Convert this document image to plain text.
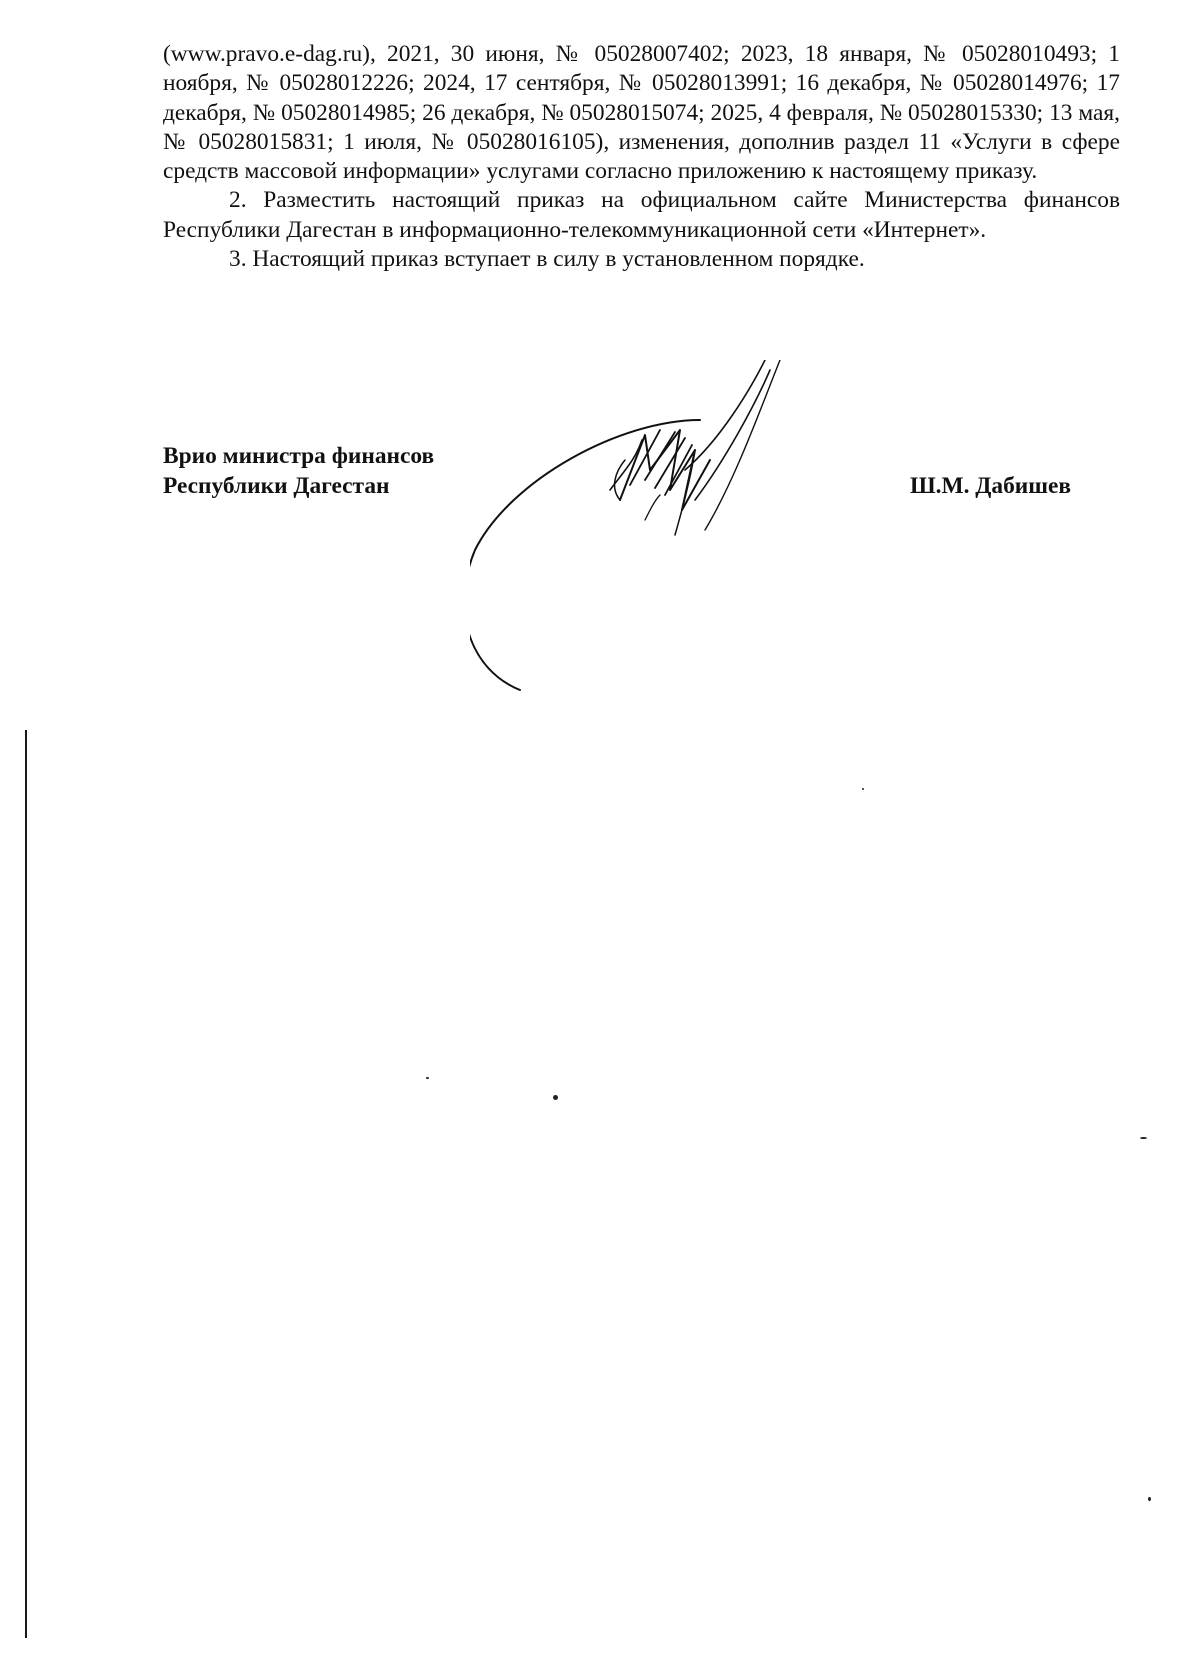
(www.pravo.e-dag.ru), 2021, 30 июня, № 05028007402; 2023, 18 января, № 05028010493; 1 ноября, № 05028012226; 2024, 17 сентября, № 05028013991; 16 декабря, № 05028014976; 17 декабря, № 05028014985; 26 декабря, № 05028015074; 2025, 4 февраля, № 05028015330; 13 мая, № 05028015831; 1 июля, № 05028016105), изменения, дополнив раздел 11 «Услуги в сфере средств массовой информации» услугами согласно приложению к настоящему приказу.

2. Разместить настоящий приказ на официальном сайте Министерства финансов Республики Дагестан в информационно-телекоммуникационной сети «Интернет».

3. Настоящий приказ вступает в силу в установленном порядке.

Врио министра финансов
Республики Дагестан	Ш.М. Дабишев
